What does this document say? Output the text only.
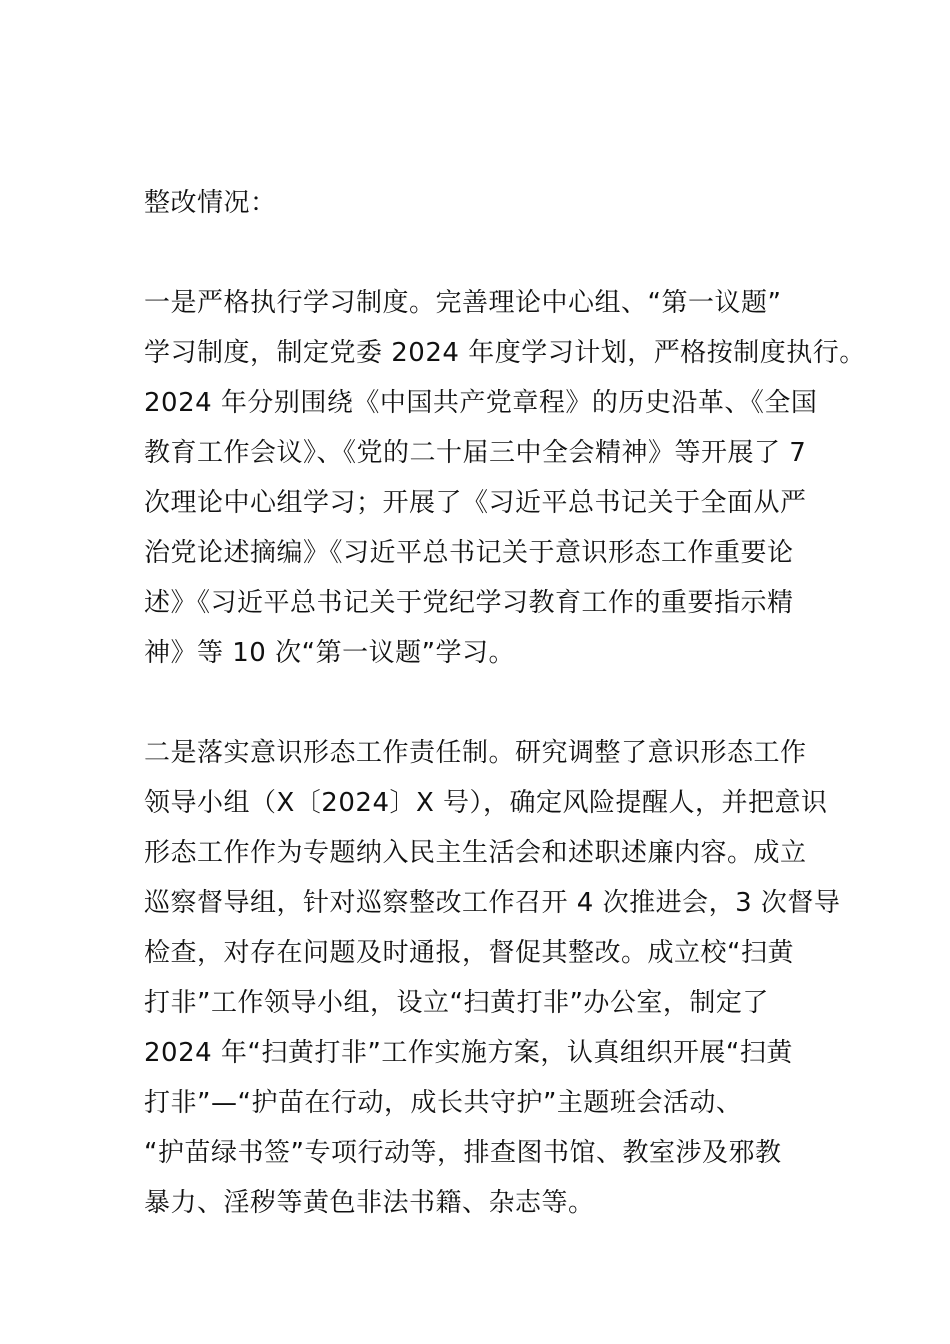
整改情况：

一是严格执行学习制度。完善理论中心组、“第一议题”
学习制度，制定党委 2024 年度学习计划，严格按制度执行。
2024 年分别围绕《中国共产党章程》的历史沿革、《全国
教育工作会议》、《党的二十届三中全会精神》等开展了 7
次理论中心组学习；开展了《习近平总书记关于全面从严
治党论述摘编》《习近平总书记关于意识形态工作重要论
述》《习近平总书记关于党纪学习教育工作的重要指示精
神》等 10 次“第一议题”学习。

二是落实意识形态工作责任制。研究调整了意识形态工作
领导小组（X〔2024〕X 号），确定风险提醒人，并把意识
形态工作作为专题纳入民主生活会和述职述廉内容。成立
巡察督导组，针对巡察整改工作召开 4 次推进会，3 次督导
检查，对存在问题及时通报，督促其整改。成立校“扫黄
打非”工作领导小组，设立“扫黄打非”办公室，制定了
2024 年“扫黄打非”工作实施方案，认真组织开展“扫黄
打非”—“护苗在行动，成长共守护”主题班会活动、
“护苗绿书签”专项行动等，排查图书馆、教室涉及邪教
暴力、淫秽等黄色非法书籍、杂志等。
